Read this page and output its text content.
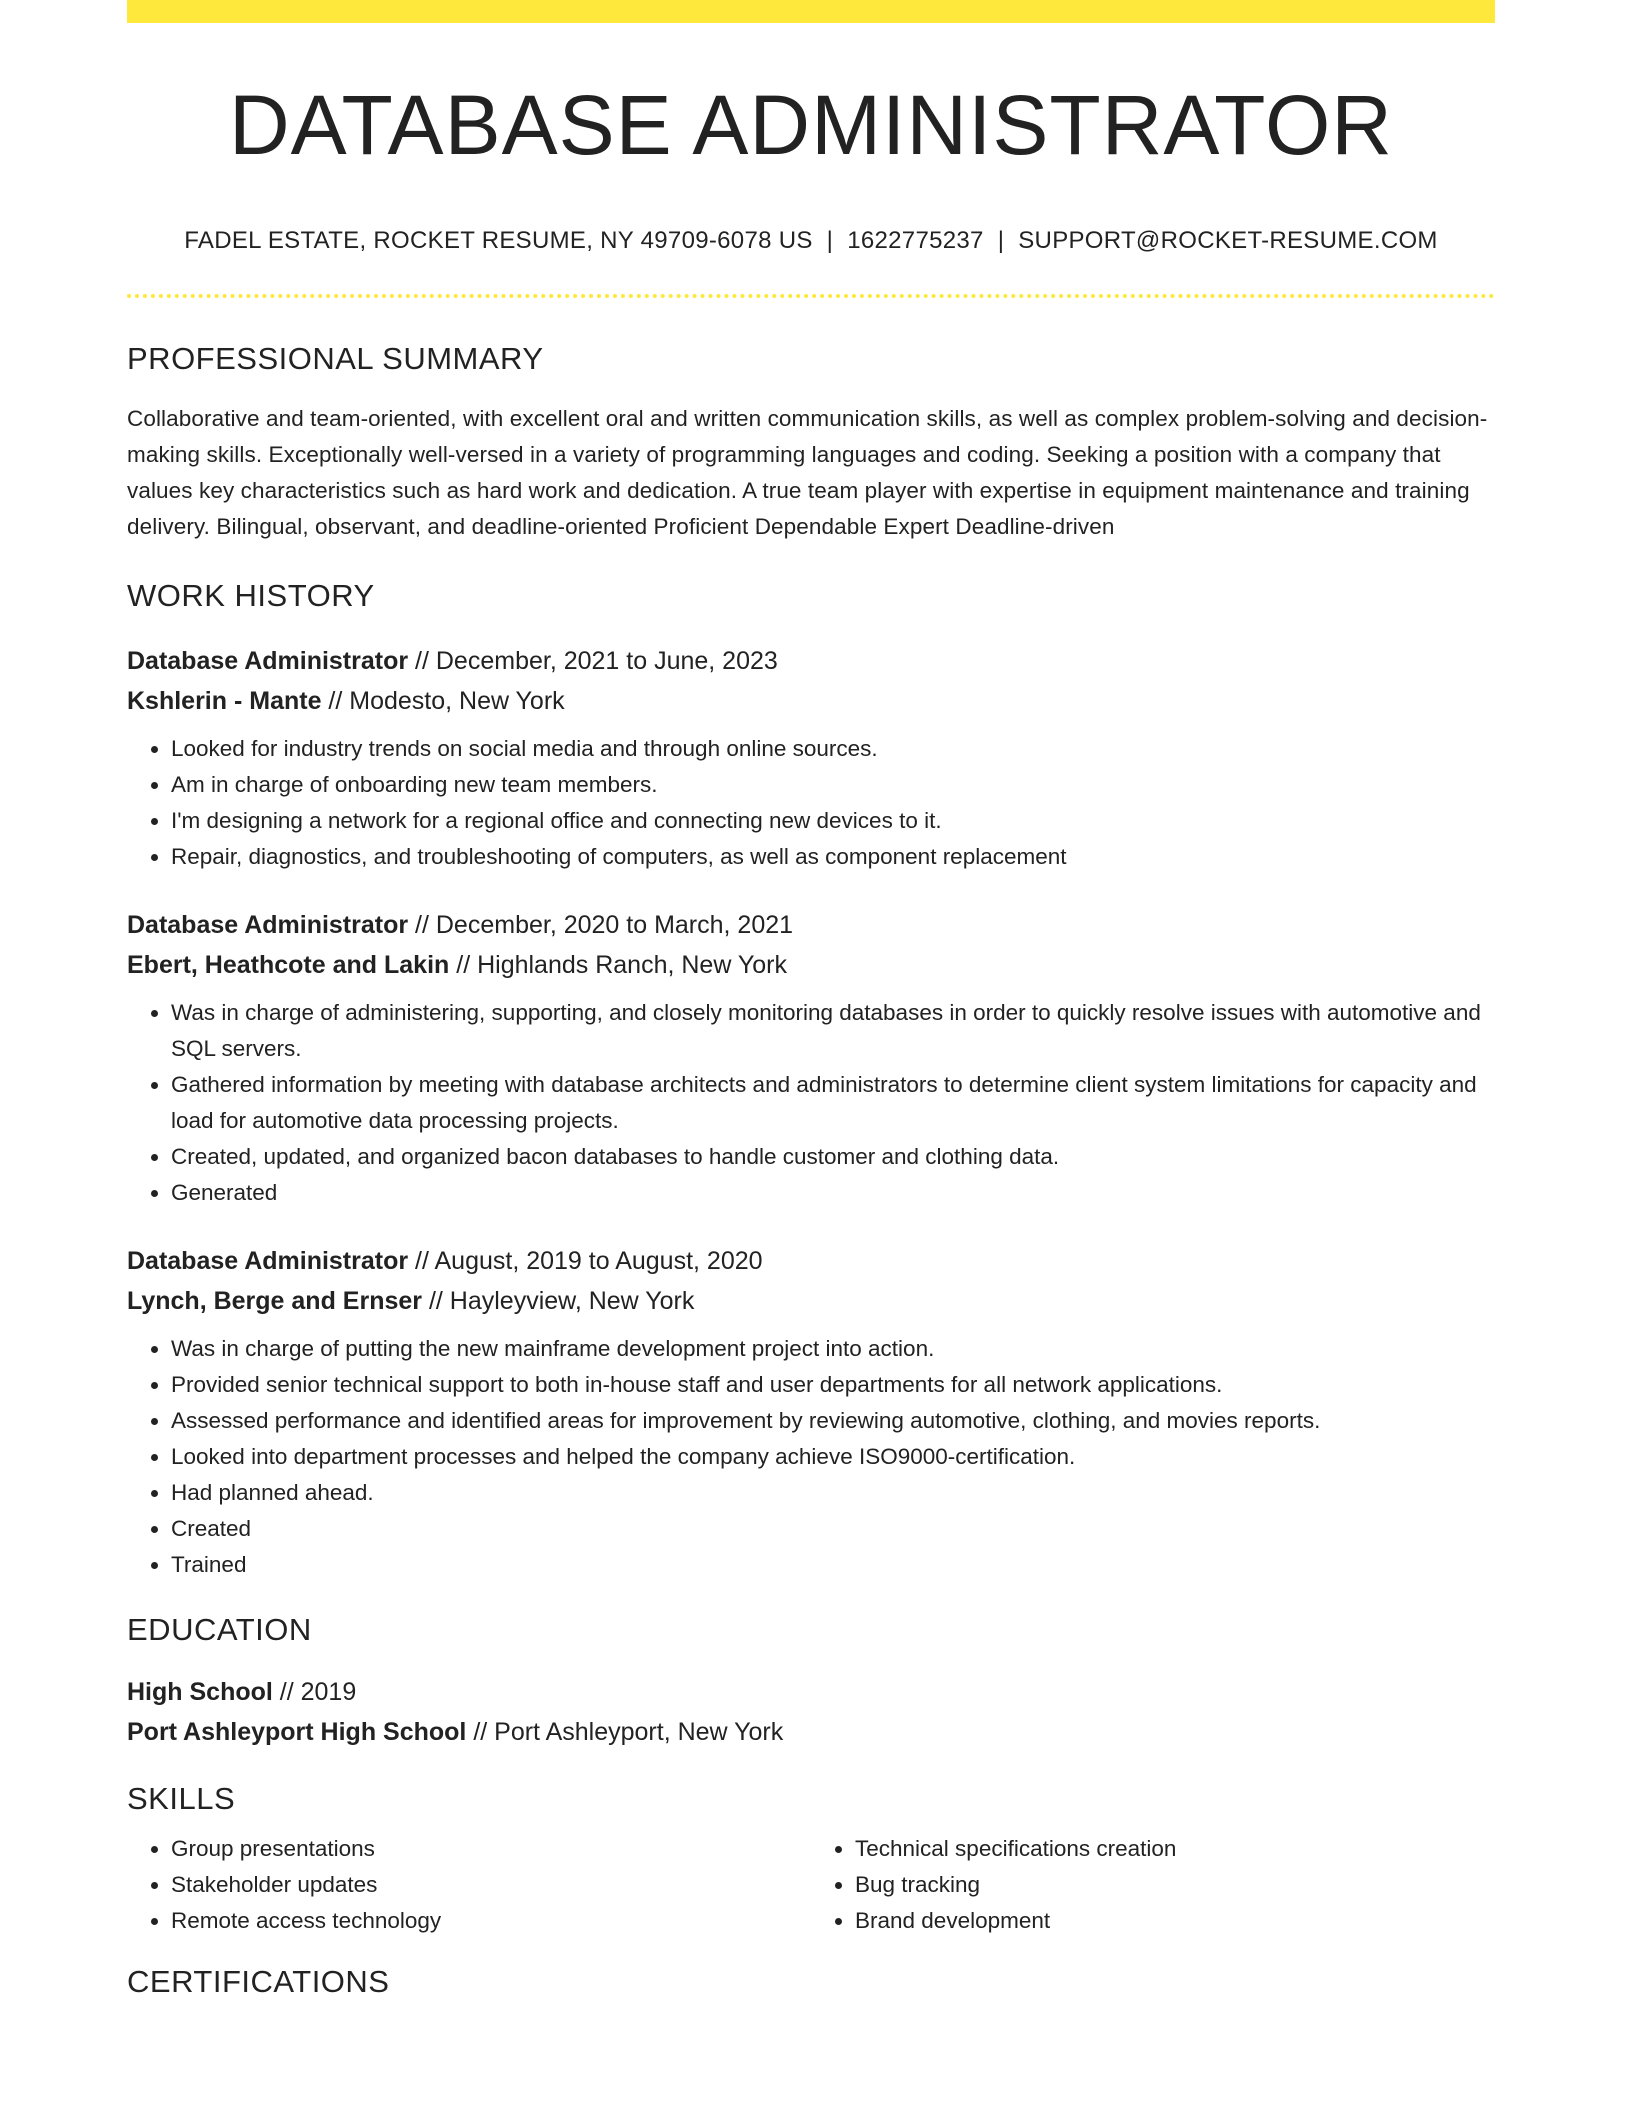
DATABASE ADMINISTRATOR
FADEL ESTATE, ROCKET RESUME, NY 49709-6078 US | 1622775237 | SUPPORT@ROCKET-RESUME.COM
PROFESSIONAL SUMMARY

Collaborative and team-oriented, with excellent oral and written communication skills, as well as complex problem-solving and decision-making skills. Exceptionally well-versed in a variety of programming languages and coding. Seeking a position with a company that values key characteristics such as hard work and dedication. A true team player with expertise in equipment maintenance and training delivery. Bilingual, observant, and deadline-oriented Proficient Dependable Expert Deadline-driven

WORK HISTORY
Database Administrator // December, 2021 to June, 2023
Kshlerin - Mante // Modesto, New York
• Looked for industry trends on social media and through online sources.
• Am in charge of onboarding new team members.
• I'm designing a network for a regional office and connecting new devices to it.
• Repair, diagnostics, and troubleshooting of computers, as well as component replacement
Database Administrator // December, 2020 to March, 2021
Ebert, Heathcote and Lakin // Highlands Ranch, New York
• Was in charge of administering, supporting, and closely monitoring databases in order to quickly resolve issues with automotive and SQL servers.
• Gathered information by meeting with database architects and administrators to determine client system limitations for capacity and load for automotive data processing projects.
• Created, updated, and organized bacon databases to handle customer and clothing data.
• Generated
Database Administrator // August, 2019 to August, 2020
Lynch, Berge and Ernser // Hayleyview, New York
• Was in charge of putting the new mainframe development project into action.
• Provided senior technical support to both in-house staff and user departments for all network applications.
• Assessed performance and identified areas for improvement by reviewing automotive, clothing, and movies reports.
• Looked into department processes and helped the company achieve ISO9000-certification.
• Had planned ahead.
• Created
• Trained
EDUCATION
High School // 2019
Port Ashleyport High School // Port Ashleyport, New York
SKILLS
• Group presentations
• Stakeholder updates
• Remote access technology
• Technical specifications creation
• Bug tracking
• Brand development
CERTIFICATIONS
